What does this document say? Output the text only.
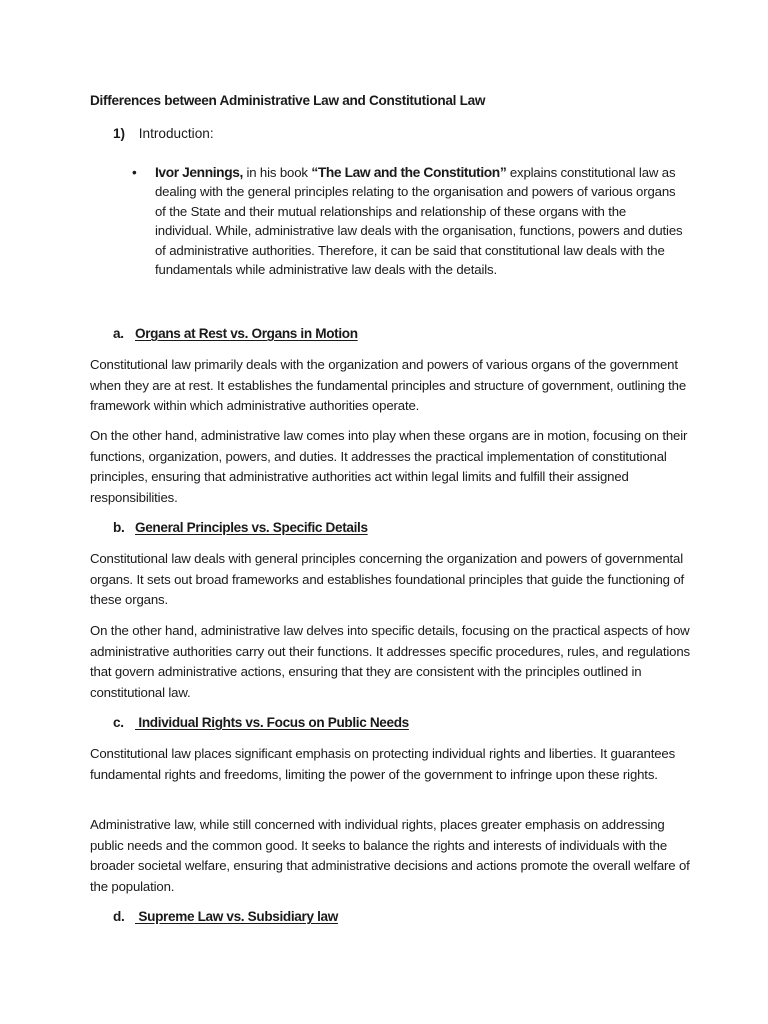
Differences between Administrative Law and Constitutional Law
1) Introduction:
• Ivor Jennings, in his book “The Law and the Constitution” explains constitutional law as dealing with the general principles relating to the organisation and powers of various organs of the State and their mutual relationships and relationship of these organs with the individual. While, administrative law deals with the organisation, functions, powers and duties of administrative authorities. Therefore, it can be said that constitutional law deals with the fundamentals while administrative law deals with the details.
a. Organs at Rest vs. Organs in Motion

Constitutional law primarily deals with the organization and powers of various organs of the government when they are at rest. It establishes the fundamental principles and structure of government, outlining the framework within which administrative authorities operate.

On the other hand, administrative law comes into play when these organs are in motion, focusing on their functions, organization, powers, and duties. It addresses the practical implementation of constitutional principles, ensuring that administrative authorities act within legal limits and fulfill their assigned responsibilities.

b. General Principles vs. Specific Details

Constitutional law deals with general principles concerning the organization and powers of governmental organs. It sets out broad frameworks and establishes foundational principles that guide the functioning of these organs.

On the other hand, administrative law delves into specific details, focusing on the practical aspects of how administrative authorities carry out their functions. It addresses specific procedures, rules, and regulations that govern administrative actions, ensuring that they are consistent with the principles outlined in constitutional law.

c. Individual Rights vs. Focus on Public Needs

Constitutional law places significant emphasis on protecting individual rights and liberties. It guarantees fundamental rights and freedoms, limiting the power of the government to infringe upon these rights.

Administrative law, while still concerned with individual rights, places greater emphasis on addressing public needs and the common good. It seeks to balance the rights and interests of individuals with the broader societal welfare, ensuring that administrative decisions and actions promote the overall welfare of the population.

d. Supreme Law vs. Subsidiary law
